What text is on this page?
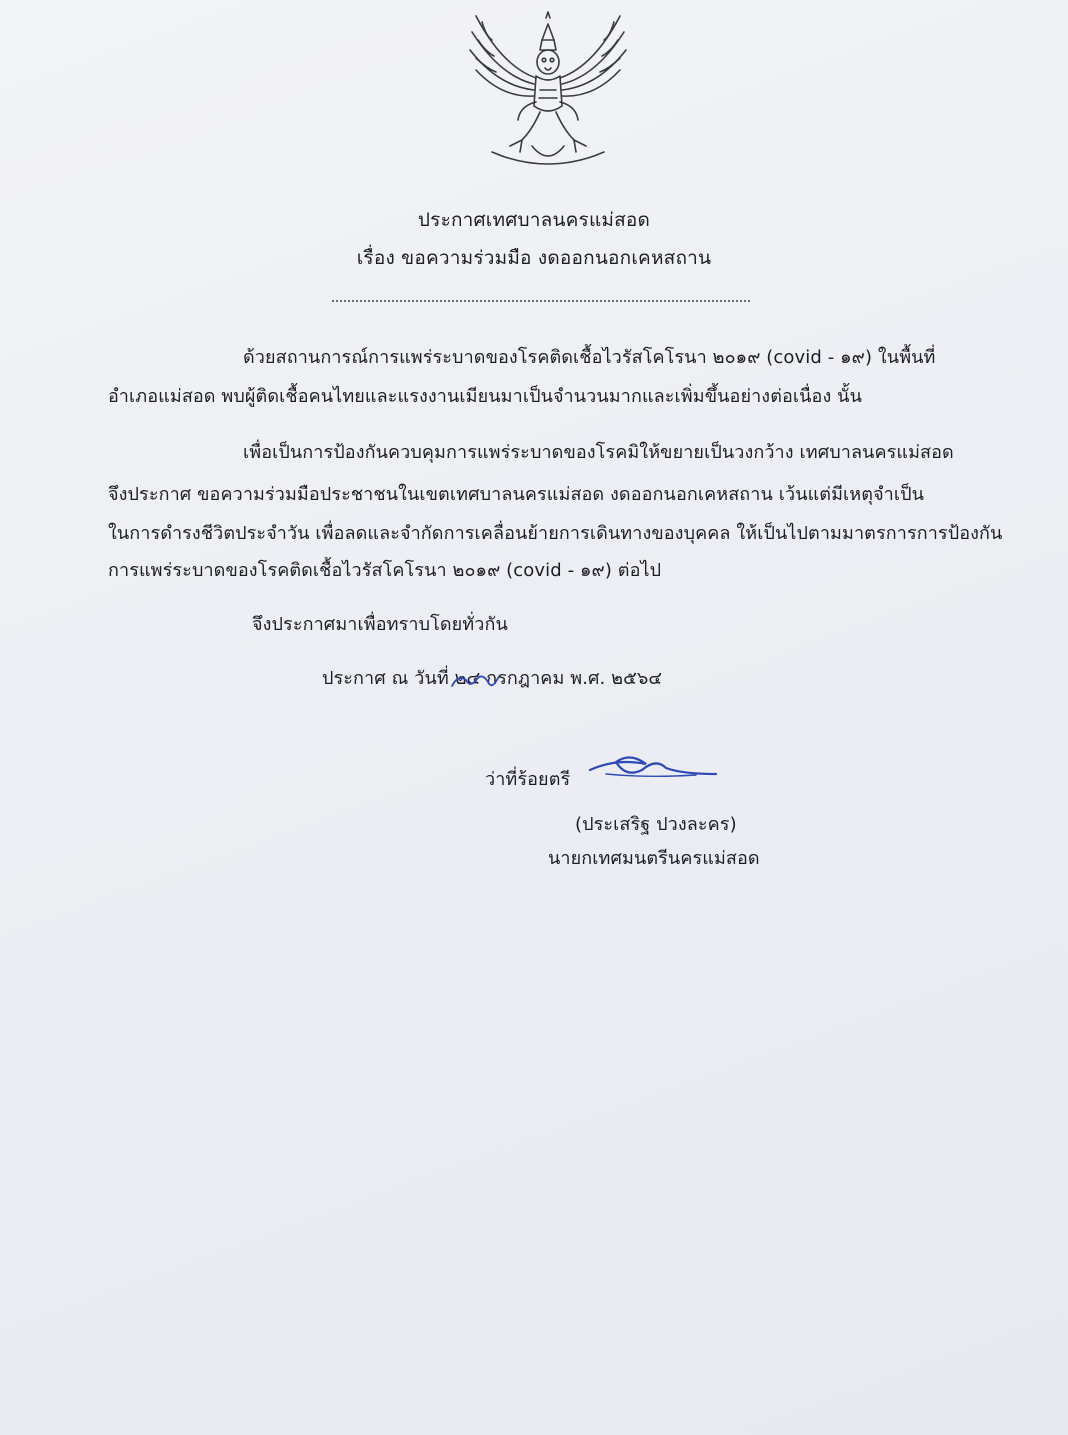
ประกาศเทศบาลนครแม่สอด
เรื่อง ขอความร่วมมือ งดออกนอกเคหสถาน
ด้วยสถานการณ์การแพร่ระบาดของโรคติดเชื้อไวรัสโคโรนา ๒๐๑๙ (covid - ๑๙) ในพื้นที่
อำเภอแม่สอด พบผู้ติดเชื้อคนไทยและแรงงานเมียนมาเป็นจำนวนมากและเพิ่มขึ้นอย่างต่อเนื่อง นั้น
เพื่อเป็นการป้องกันควบคุมการแพร่ระบาดของโรคมิให้ขยายเป็นวงกว้าง เทศบาลนครแม่สอด
จึงประกาศ ขอความร่วมมือประชาชนในเขตเทศบาลนครแม่สอด งดออกนอกเคหสถาน เว้นแต่มีเหตุจำเป็น
ในการดำรงชีวิตประจำวัน เพื่อลดและจำกัดการเคลื่อนย้ายการเดินทางของบุคคล ให้เป็นไปตามมาตรการการป้องกัน
การแพร่ระบาดของโรคติดเชื้อไวรัสโคโรนา ๒๐๑๙ (covid - ๑๙) ต่อไป
จึงประกาศมาเพื่อทราบโดยทั่วกัน
ประกาศ ณ วันที่ ๒๔ กรกฎาคม พ.ศ. ๒๕๖๔
ว่าที่ร้อยตรี
(ประเสริฐ ปวงละคร)
นายกเทศมนตรีนครแม่สอด
